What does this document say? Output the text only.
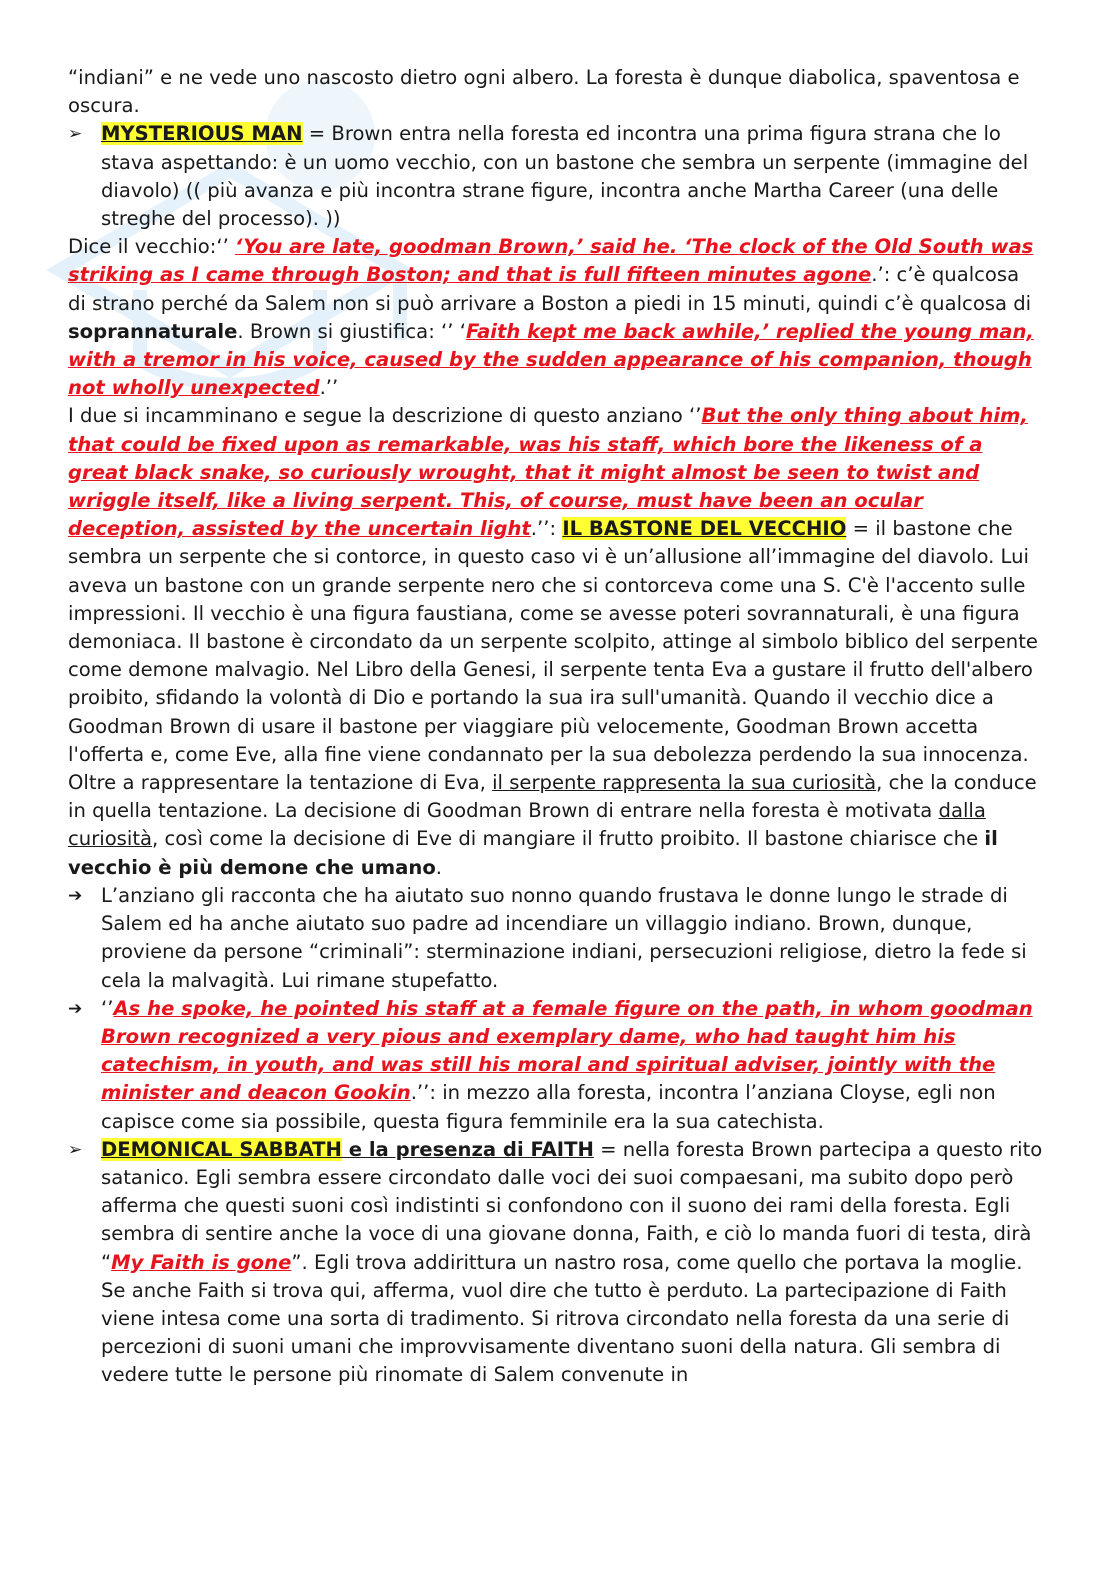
“indiani” e ne vede uno nascosto dietro ogni albero. La foresta è dunque diabolica, spaventosa e oscura.

➢ MYSTERIOUS MAN = Brown entra nella foresta ed incontra una prima figura strana che lo stava aspettando: è un uomo vecchio, con un bastone che sembra un serpente (immagine del diavolo) (( più avanza e più incontra strane figure, incontra anche Martha Career (una delle streghe del processo). ))

Dice il vecchio:‘’ ‘You are late, goodman Brown,’ said he. ‘The clock of the Old South was striking as I came through Boston; and that is full fifteen minutes agone.’: c’è qualcosa di strano perché da Salem non si può arrivare a Boston a piedi in 15 minuti, quindi c’è qualcosa di soprannaturale. Brown si giustifica: ‘’ ‘Faith kept me back awhile,’ replied the young man, with a tremor in his voice, caused by the sudden appearance of his companion, though not wholly unexpected.’’

I due si incamminano e segue la descrizione di questo anziano ‘’But the only thing about him, that could be fixed upon as remarkable, was his staff, which bore the likeness of a great black snake, so curiously wrought, that it might almost be seen to twist and wriggle itself, like a living serpent. This, of course, must have been an ocular deception, assisted by the uncertain light.’’: IL BASTONE DEL VECCHIO = il bastone che sembra un serpente che si contorce, in questo caso vi è un’allusione all’immagine del diavolo. Lui aveva un bastone con un grande serpente nero che si contorceva come una S. C'è l'accento sulle impressioni. Il vecchio è una figura faustiana, come se avesse poteri sovrannaturali, è una figura demoniaca. Il bastone è circondato da un serpente scolpito, attinge al simbolo biblico del serpente come demone malvagio. Nel Libro della Genesi, il serpente tenta Eva a gustare il frutto dell'albero proibito, sfidando la volontà di Dio e portando la sua ira sull'umanità. Quando il vecchio dice a Goodman Brown di usare il bastone per viaggiare più velocemente, Goodman Brown accetta l'offerta e, come Eve, alla fine viene condannato per la sua debolezza perdendo la sua innocenza. Oltre a rappresentare la tentazione di Eva, il serpente rappresenta la sua curiosità, che la conduce in quella tentazione. La decisione di Goodman Brown di entrare nella foresta è motivata dalla curiosità, così come la decisione di Eve di mangiare il frutto proibito. Il bastone chiarisce che il vecchio è più demone che umano.

➔ L’anziano gli racconta che ha aiutato suo nonno quando frustava le donne lungo le strade di Salem ed ha anche aiutato suo padre ad incendiare un villaggio indiano. Brown, dunque, proviene da persone “criminali”: sterminazione indiani, persecuzioni religiose, dietro la fede si cela la malvagità. Lui rimane stupefatto.

➔ ‘’As he spoke, he pointed his staff at a female figure on the path, in whom goodman Brown recognized a very pious and exemplary dame, who had taught him his catechism, in youth, and was still his moral and spiritual adviser, jointly with the minister and deacon Gookin.’’: in mezzo alla foresta, incontra l’anziana Cloyse, egli non capisce come sia possibile, questa figura femminile era la sua catechista.

➢ DEMONICAL SABBATH e la presenza di FAITH = nella foresta Brown partecipa a questo rito satanico. Egli sembra essere circondato dalle voci dei suoi compaesani, ma subito dopo però afferma che questi suoni così indistinti si confondono con il suono dei rami della foresta. Egli sembra di sentire anche la voce di una giovane donna, Faith, e ciò lo manda fuori di testa, dirà “My Faith is gone”. Egli trova addirittura un nastro rosa, come quello che portava la moglie. Se anche Faith si trova qui, afferma, vuol dire che tutto è perduto. La partecipazione di Faith viene intesa come una sorta di tradimento. Si ritrova circondato nella foresta da una serie di percezioni di suoni umani che improvvisamente diventano suoni della natura. Gli sembra di vedere tutte le persone più rinomate di Salem convenute in
